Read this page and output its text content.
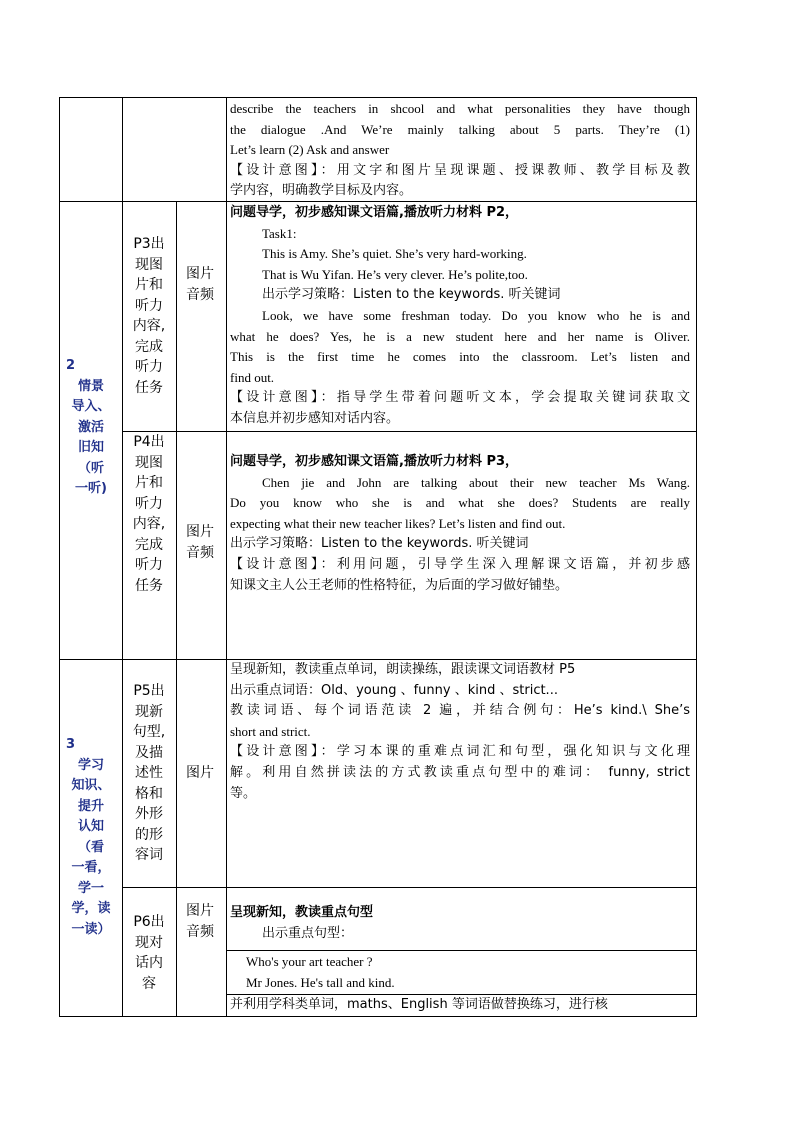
describe the teachers in shcool and what personalities they have though
the dialogue .And We’re mainly talking about 5 parts. They’re (1)
Let’s learn (2) Ask and answer
【设计意图】：用文字和图片呈现课题、授课教师、教学目标及教
学内容，明确教学目标及内容。
2
情景
导入、
激活
旧知
（听
一听)
P3出
现图
片和
听力
内容,
完成
听力
任务
图片
音频
问题导学，初步感知课文语篇,播放听力材料 P2，
Task1:
This is Amy. She’s quiet. She’s very hard-working.
That is Wu Yifan. He’s very clever. He’s polite,too.
出示学习策略：Listen to the keywords. 听关键词
Look, we have some freshman today. Do you know who he is and
what he does? Yes, he is a new student here and her name is Oliver.
This is the first time he comes into the classroom. Let’s listen and
find out.
【设计意图】：指导学生带着问题听文本，学会提取关键词获取文
本信息并初步感知对话内容。
P4出
现图
片和
听力
内容,
完成
听力
任务
图片
音频
问题导学，初步感知课文语篇,播放听力材料 P3，
Chen jie and John are talking about their new teacher Ms Wang.
Do you know who she is and what she does? Students are really
expecting what their new teacher likes? Let’s listen and find out.
出示学习策略：Listen to the keywords. 听关键词
【设计意图】：利用问题，引导学生深入理解课文语篇，并初步感
知课文主人公王老师的性格特征，为后面的学习做好铺垫。
3
学习
知识、
提升
认知
（看
一看，
学一
学，读
一读）
P5出
现新
句型,
及描
述性
格和
外形
的形
容词
图片
呈现新知，教读重点单词，朗读操练，跟读课文词语教材 P5
出示重点词语：Old、young 、funny 、kind 、strict...
教读词语、每个词语范读 2 遍，并结合例句：He’s kind.\ She’s
short and strict.
【设计意图】：学习本课的重难点词汇和句型，强化知识与文化理
解。利用自然拼读法的方式教读重点句型中的难词： funny, strict
等。
P6出
现对
话内
容
图片
音频
呈现新知，教读重点句型
出示重点句型：
Who's your art teacher ?
Mr Jones. He's tall and kind.
并利用学科类单词，maths、English 等词语做替换练习，进行核
